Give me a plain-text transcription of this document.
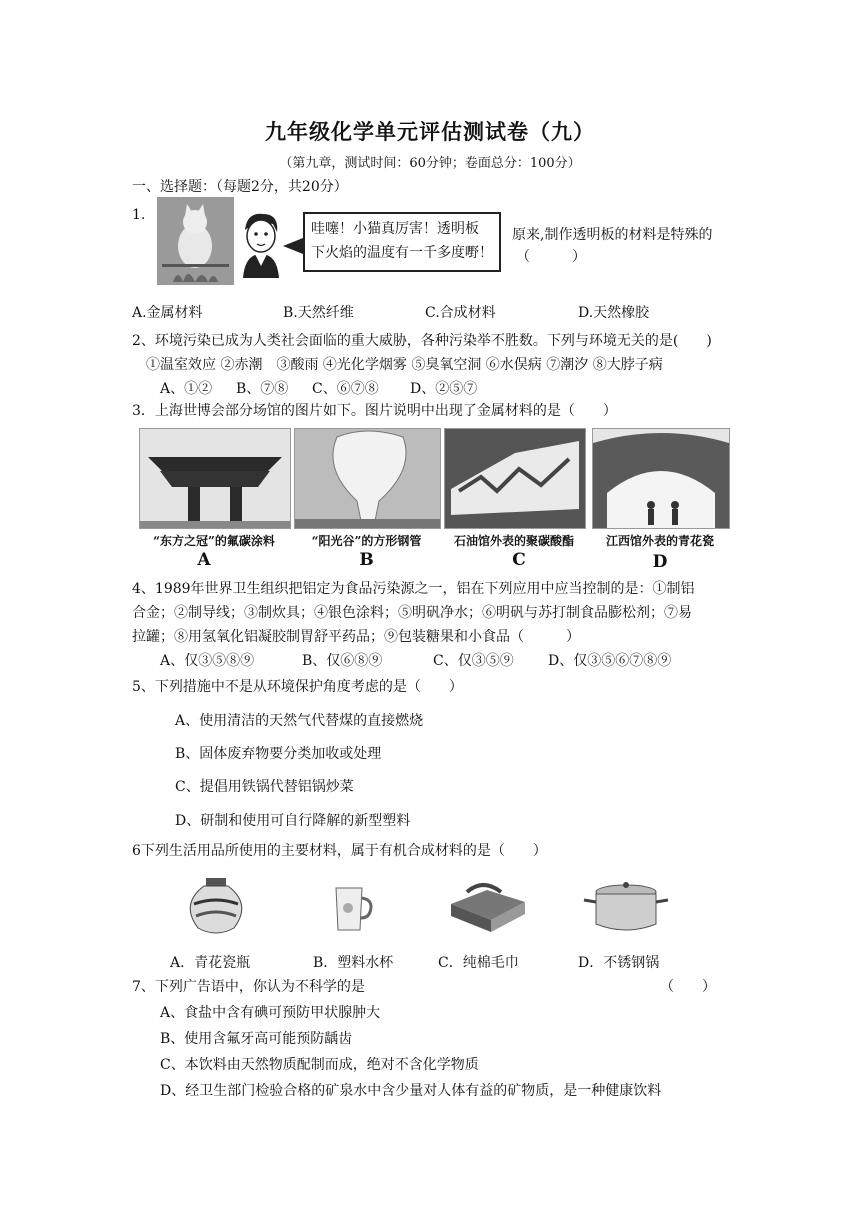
九年级化学单元评估测试卷（九）
（第九章，测试时间：60分钟；卷面总分：100分）
一、选择题：（每题2分，共20分）
1.
哇噻！小猫真厉害！透明板
下火焰的温度有一千多度嘢！
原来,制作透明板的材料是特殊的
（　　　）
A.金属材料	B.天然纤维	C.合成材料	D.天然橡胶
2、环境污染已成为人类社会面临的重大威胁，各种污染举不胜数。下列与环境无关的是(　　)
①温室效应 ②赤潮　③酸雨 ④光化学烟雾 ⑤臭氧空洞 ⑥水俣病 ⑦潮汐 ⑧大脖子病
A、①② B、⑦⑧ C、⑥⑦⑧ D、②⑤⑦
3．上海世博会部分场馆的图片如下。图片说明中出现了金属材料的是（　　）
“东方之冠”的氟碳涂料	“阳光谷”的方形钢管	石油馆外表的聚碳酸酯	江西馆外表的青花瓷
A	B	C	D
4、1989年世界卫生组织把铝定为食品污染源之一，铝在下列应用中应当控制的是：①制铝
合金；②制导线；③制炊具；④银色涂料；⑤明矾净水；⑥明矾与苏打制食品膨松剂；⑦易
拉罐；⑧用氢氧化铝凝胶制胃舒平药品；⑨包装糖果和小食品（　　　）
A、仅③⑤⑧⑨	B、仅⑥⑧⑨	C、仅③⑤⑨ D、仅③⑤⑥⑦⑧⑨
5、下列措施中不是从环境保护角度考虑的是（　　）
A、使用清洁的天然气代替煤的直接燃烧
B、固体废弃物要分类加收或处理
C、提倡用铁锅代替铝锅炒菜
D、研制和使用可自行降解的新型塑料
6下列生活用品所使用的主要材料，属于有机合成材料的是（　　）
A．青花瓷瓶	B．塑料水杯	C．纯棉毛巾	D．不锈钢锅
7、下列广告语中，你认为不科学的是	（　　）
A、食盐中含有碘可预防甲状腺肿大
B、使用含氟牙高可能预防龋齿
C、本饮料由天然物质配制而成，绝对不含化学物质
D、经卫生部门检验合格的矿泉水中含少量对人体有益的矿物质，是一种健康饮料
